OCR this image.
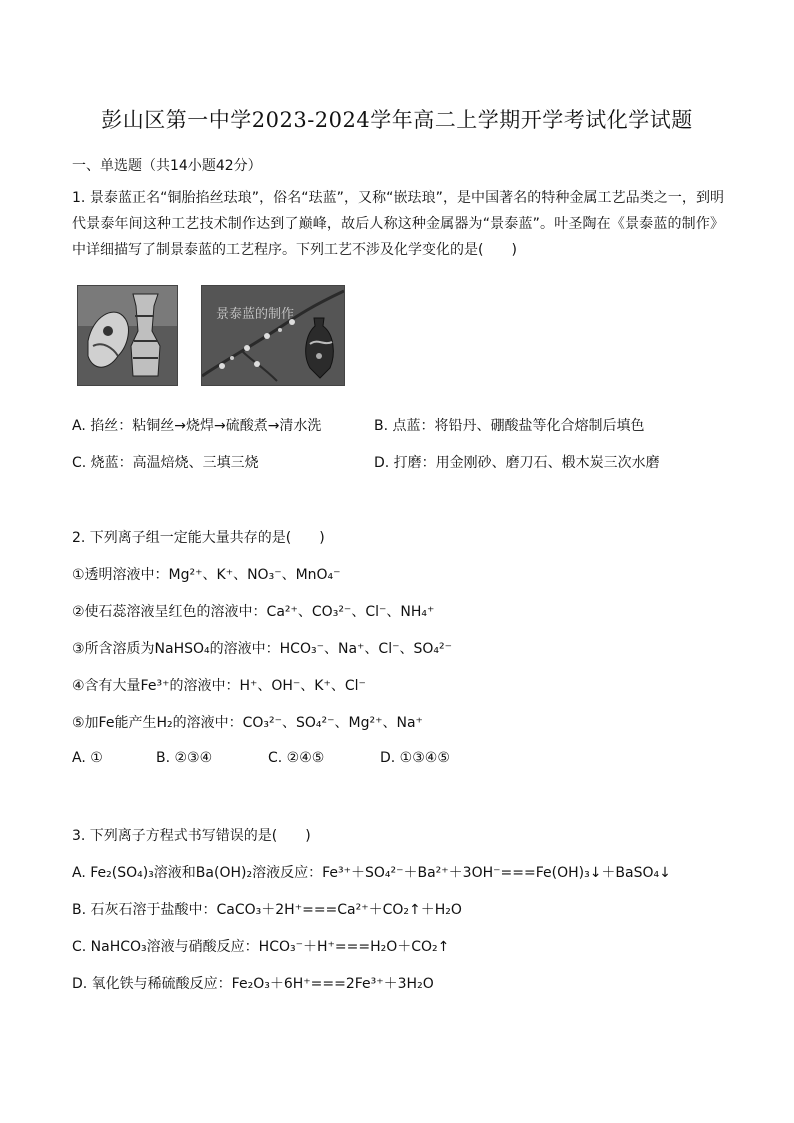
彭山区第一中学2023-2024学年高二上学期开学考试化学试题
一、单选题（共14小题42分）
1. 景泰蓝正名“铜胎掐丝珐琅”，俗名“珐蓝”，又称“嵌珐琅”，是中国著名的特种金属工艺品类之一，到明代景泰年间这种工艺技术制作达到了巅峰，故后人称这种金属器为“景泰蓝”。叶圣陶在《景泰蓝的制作》中详细描写了制景泰蓝的工艺程序。下列工艺不涉及化学变化的是(　　)
景泰蓝的制作
A. 掐丝：粘铜丝→烧焊→硫酸煮→清水洗	B. 点蓝：将铅丹、硼酸盐等化合熔制后填色
C. 烧蓝：高温焙烧、三填三烧	D. 打磨：用金刚砂、磨刀石、椴木炭三次水磨
2. 下列离子组一定能大量共存的是(　　)
①透明溶液中：Mg²⁺、K⁺、NO₃⁻、MnO₄⁻
②使石蕊溶液呈红色的溶液中：Ca²⁺、CO₃²⁻、Cl⁻、NH₄⁺
③所含溶质为NaHSO₄的溶液中：HCO₃⁻、Na⁺、Cl⁻、SO₄²⁻
④含有大量Fe³⁺的溶液中：H⁺、OH⁻、K⁺、Cl⁻
⑤加Fe能产生H₂的溶液中：CO₃²⁻、SO₄²⁻、Mg²⁺、Na⁺
A. ①	B. ②③④	C. ②④⑤	D. ①③④⑤
3. 下列离子方程式书写错误的是(　　)
A. Fe₂(SO₄)₃溶液和Ba(OH)₂溶液反应：Fe³⁺＋SO₄²⁻＋Ba²⁺＋3OH⁻===Fe(OH)₃↓＋BaSO₄↓
B. 石灰石溶于盐酸中：CaCO₃＋2H⁺===Ca²⁺＋CO₂↑＋H₂O
C. NaHCO₃溶液与硝酸反应：HCO₃⁻＋H⁺===H₂O＋CO₂↑
D. 氧化铁与稀硫酸反应：Fe₂O₃＋6H⁺===2Fe³⁺＋3H₂O
